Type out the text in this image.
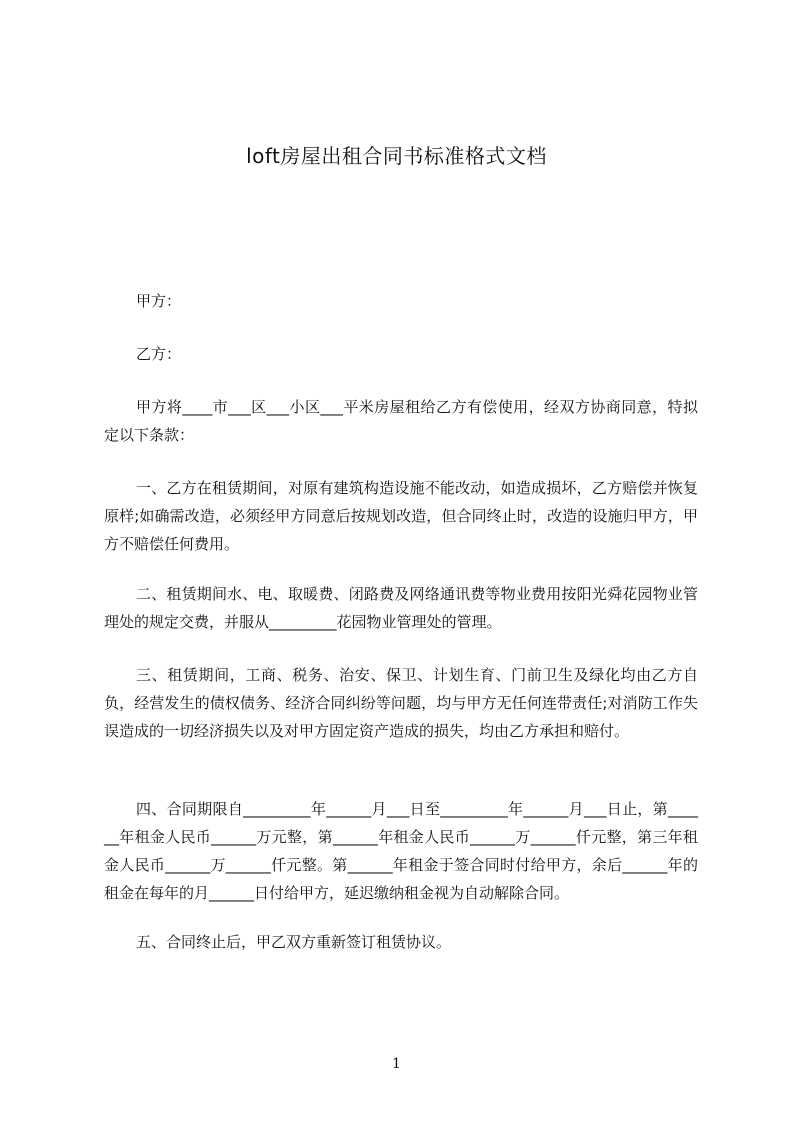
loft房屋出租合同书标准格式文档

甲方：

乙方：

甲方将____市___区___小区___平米房屋租给乙方有偿使用，经双方协商同意，特拟定以下条款：

一、乙方在租赁期间，对原有建筑构造设施不能改动，如造成损坏，乙方赔偿并恢复原样;如确需改造，必须经甲方同意后按规划改造，但合同终止时，改造的设施归甲方，甲方不赔偿任何费用。

二、租赁期间水、电、取暖费、闭路费及网络通讯费等物业费用按阳光舜花园物业管理处的规定交费，并服从_________花园物业管理处的管理。

三、租赁期间，工商、税务、治安、保卫、计划生育、门前卫生及绿化均由乙方自负，经营发生的债权债务、经济合同纠纷等问题，均与甲方无任何连带责任;对消防工作失误造成的一切经济损失以及对甲方固定资产造成的损失，均由乙方承担和赔付。

四、合同期限自_________年______月___日至_________年______月___日止，第______年租金人民币______万元整，第______年租金人民币______万______仟元整，第三年租金人民币______万______仟元整。第______年租金于签合同时付给甲方，余后______年的租金在每年的月______日付给甲方，延迟缴纳租金视为自动解除合同。

五、合同终止后，甲乙双方重新签订租赁协议。

1
